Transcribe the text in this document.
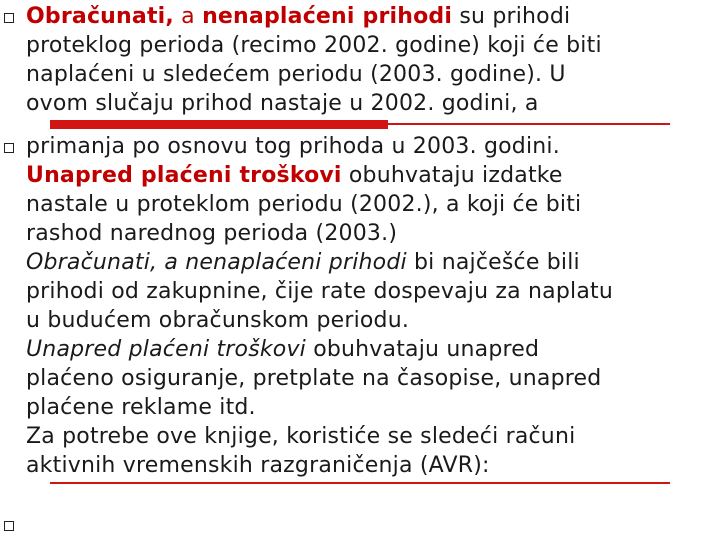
Obračunati, a nenaplaćeni prihodi su prihodi
proteklog perioda (recimo 2002. godine) koji će biti
naplaćeni u sledećem periodu (2003. godine). U
ovom slučaju prihod nastaje u 2002. godini, a
primanja po osnovu tog prihoda u 2003. godini.
Unapred plaćeni troškovi obuhvataju izdatke
nastale u proteklom periodu (2002.), a koji će biti
rashod narednog perioda (2003.)
Obračunati, a nenaplaćeni prihodi bi najčešće bili
prihodi od zakupnine, čije rate dospevaju za naplatu
u budućem obračunskom periodu.
Unapred plaćeni troškovi obuhvataju unapred
plaćeno osiguranje, pretplate na časopise, unapred
plaćene reklame itd.
Za potrebe ove knjige, koristiće se sledeći računi
aktivnih vremenskih razgraničenja (AVR):
